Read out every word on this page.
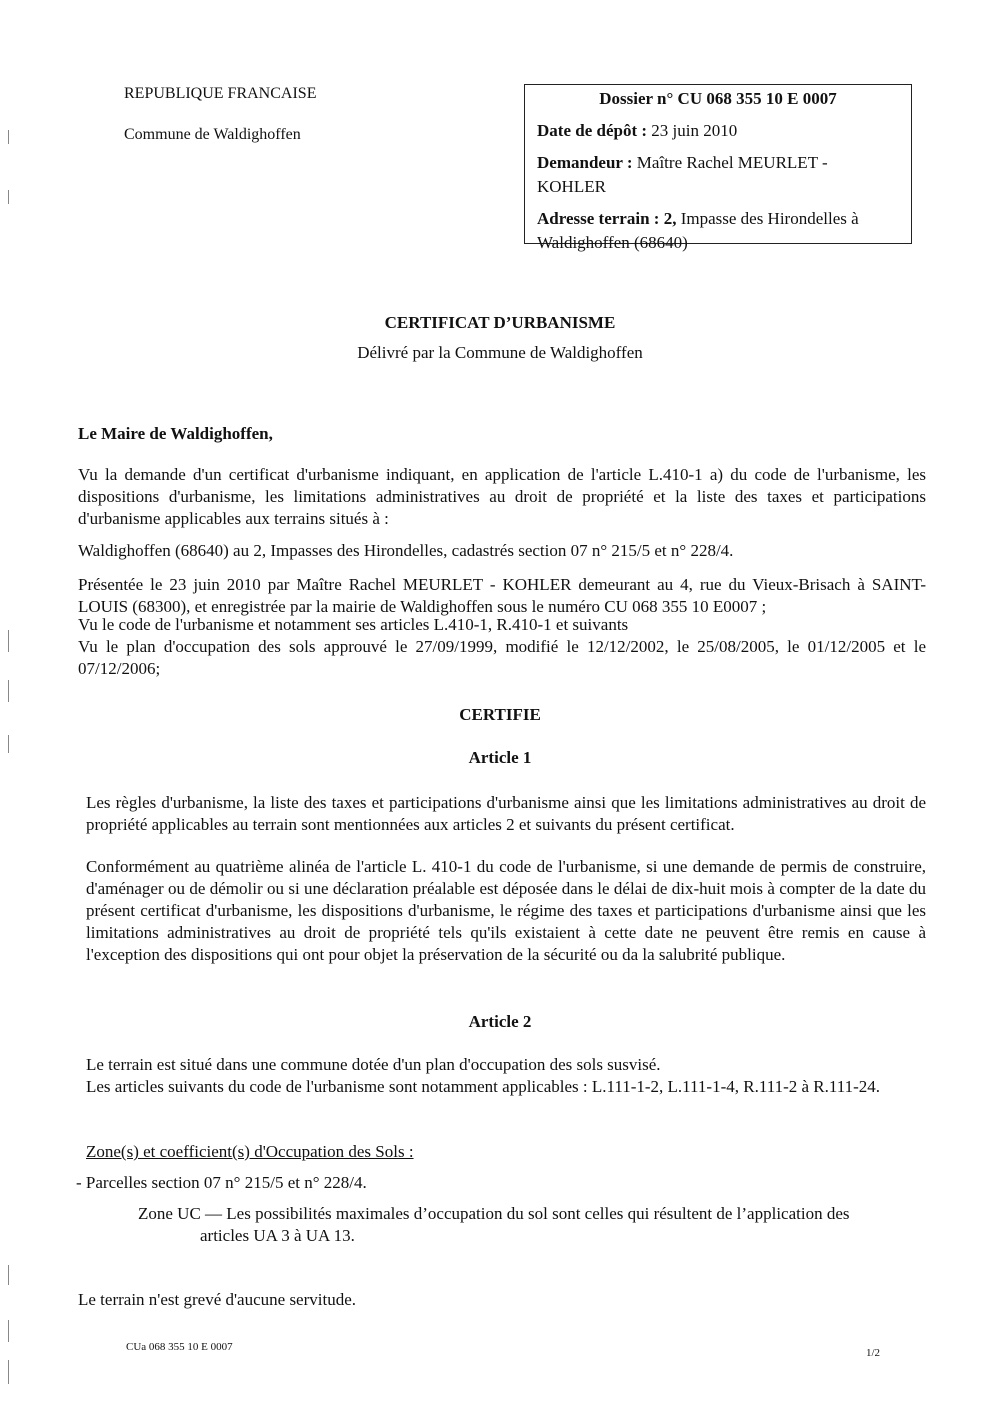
REPUBLIQUE FRANCAISE
Commune de Waldighoffen
Dossier n° CU 068 355 10 E 0007
Date de dépôt : 23 juin 2010
Demandeur : Maître Rachel MEURLET -
KOHLER
Adresse terrain : 2, Impasse des Hirondelles à
Waldighoffen (68640)
CERTIFICAT D’URBANISME
Délivré par la Commune de Waldighoffen
Le Maire de Waldighoffen,
Vu la demande d'un certificat d'urbanisme indiquant, en application de l'article L.410-1 a) du code de l'urbanisme, les dispositions d'urbanisme, les limitations administratives au droit de propriété et la liste des taxes et participations d'urbanisme applicables aux terrains situés à :
Waldighoffen (68640) au 2, Impasses des Hirondelles, cadastrés section 07 n° 215/5 et n° 228/4.
Présentée le 23 juin 2010 par Maître Rachel MEURLET - KOHLER demeurant au 4, rue du Vieux-Brisach à SAINT-LOUIS (68300), et enregistrée par la mairie de Waldighoffen sous le numéro CU 068 355 10 E0007 ;
Vu le code de l'urbanisme et notamment ses articles L.410-1, R.410-1 et suivants
Vu le plan d'occupation des sols approuvé le 27/09/1999, modifié le 12/12/2002, le 25/08/2005, le 01/12/2005 et le 07/12/2006;
CERTIFIE
Article 1
Les règles d'urbanisme, la liste des taxes et participations d'urbanisme ainsi que les limitations administratives au droit de propriété applicables au terrain sont mentionnées aux articles 2 et suivants du présent certificat.
Conformément au quatrième alinéa de l'article L. 410-1 du code de l'urbanisme, si une demande de permis de construire, d'aménager ou de démolir ou si une déclaration préalable est déposée dans le délai de dix-huit mois à compter de la date du présent certificat d'urbanisme, les dispositions d'urbanisme, le régime des taxes et participations d'urbanisme ainsi que les limitations administratives au droit de propriété tels qu'ils existaient à cette date ne peuvent être remis en cause à l'exception des dispositions qui ont pour objet la préservation de la sécurité ou da la salubrité publique.
Article 2
Le terrain est situé dans une commune dotée d'un plan d'occupation des sols susvisé.
Les articles suivants du code de l'urbanisme sont notamment applicables : L.111-1-2, L.111-1-4, R.111-2 à R.111-24.
Zone(s) et coefficient(s) d'Occupation des Sols :
- Parcelles section 07 n° 215/5 et n° 228/4.
Zone UC — Les possibilités maximales d’occupation du sol sont celles qui résultent de l’application des
articles UA 3 à UA 13.
Le terrain n'est grevé d'aucune servitude.
CUa 068 355 10 E 0007	1/2
